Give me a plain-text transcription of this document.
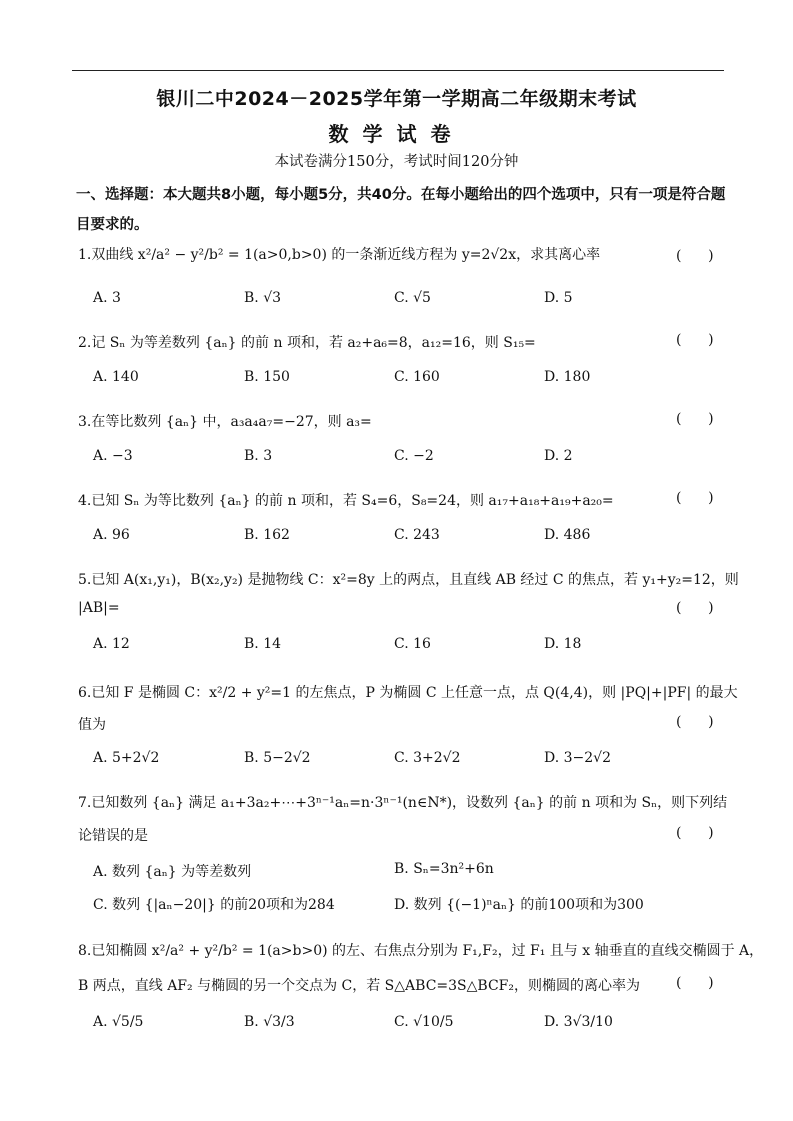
银川二中2024－2025学年第一学期高二年级期末考试
数学试卷
本试卷满分150分，考试时间120分钟
一、选择题：本大题共8小题，每小题5分，共40分。在每小题给出的四个选项中，只有一项是符合题目要求的。
1.双曲线 x²/a² − y²/b² = 1(a>0,b>0) 的一条渐近线方程为 y=2√2x，求其离心率	(      )
A. 3	B. √3	C. √5	D. 5
2.记 Sₙ 为等差数列 {aₙ} 的前 n 项和，若 a₂+a₆=8，a₁₂=16，则 S₁₅=	(      )
A. 140	B. 150	C. 160	D. 180
3.在等比数列 {aₙ} 中，a₃a₄a₇=−27，则 a₃=	(      )
A. −3	B. 3	C. −2	D. 2
4.已知 Sₙ 为等比数列 {aₙ} 的前 n 项和，若 S₄=6，S₈=24，则 a₁₇+a₁₈+a₁₉+a₂₀=	(      )
A. 96	B. 162	C. 243	D. 486
5.已知 A(x₁,y₁)，B(x₂,y₂) 是抛物线 C：x²=8y 上的两点，且直线 AB 经过 C 的焦点，若 y₁+y₂=12，则
|AB|=	(      )
A. 12	B. 14	C. 16	D. 18
6.已知 F 是椭圆 C：x²/2 + y²=1 的左焦点，P 为椭圆 C 上任意一点，点 Q(4,4)，则 |PQ|+|PF| 的最大
值为	(      )
A. 5+2√2	B. 5−2√2	C. 3+2√2	D. 3−2√2
7.已知数列 {aₙ} 满足 a₁+3a₂+⋯+3ⁿ⁻¹aₙ=n·3ⁿ⁻¹(n∈N*)，设数列 {aₙ} 的前 n 项和为 Sₙ，则下列结
论错误的是	(      )
A. 数列 {aₙ} 为等差数列	B. Sₙ=3n²+6n
C. 数列 {|aₙ−20|} 的前20项和为284	D. 数列 {(−1)ⁿaₙ} 的前100项和为300
8.已知椭圆 x²/a² + y²/b² = 1(a>b>0) 的左、右焦点分别为 F₁,F₂，过 F₁ 且与 x 轴垂直的直线交椭圆于 A，
B 两点，直线 AF₂ 与椭圆的另一个交点为 C，若 S△ABC=3S△BCF₂，则椭圆的离心率为	(      )
A. √5/5	B. √3/3	C. √10/5	D. 3√3/10
